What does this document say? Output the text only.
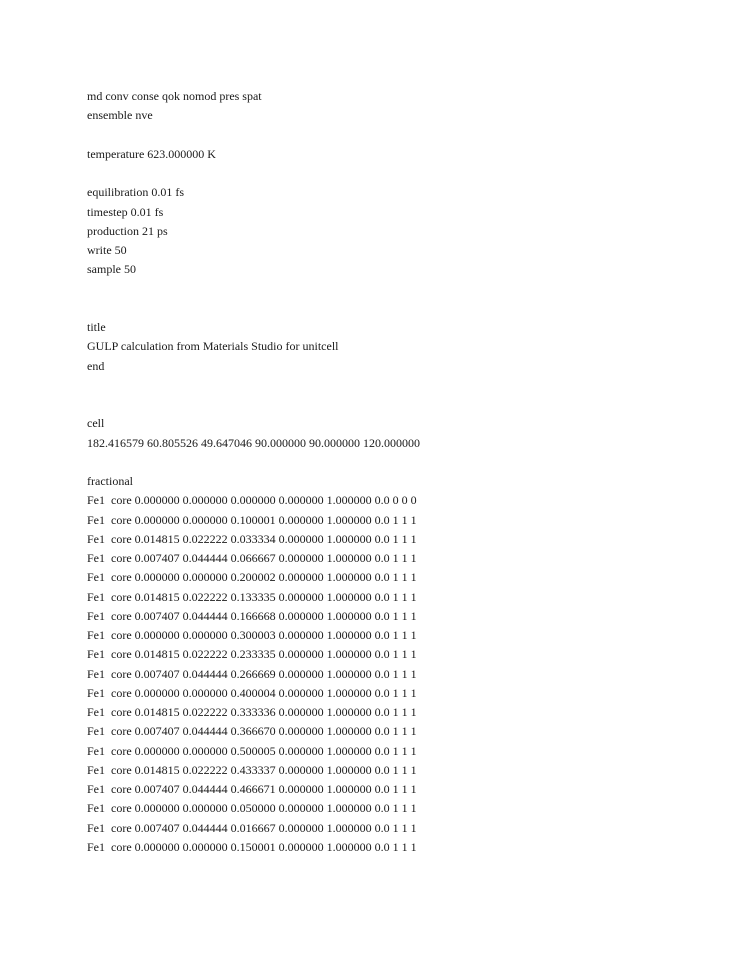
md conv conse qok nomod pres spat
ensemble nve
temperature 623.000000 K
equilibration 0.01 fs
timestep 0.01 fs
production 21 ps
write 50
sample 50
title
GULP calculation from Materials Studio for unitcell
end
cell
182.416579 60.805526 49.647046 90.000000 90.000000 120.000000
fractional
Fe1  core 0.000000 0.000000 0.000000 0.000000 1.000000 0.0 0 0 0
Fe1  core 0.000000 0.000000 0.100001 0.000000 1.000000 0.0 1 1 1
Fe1  core 0.014815 0.022222 0.033334 0.000000 1.000000 0.0 1 1 1
Fe1  core 0.007407 0.044444 0.066667 0.000000 1.000000 0.0 1 1 1
Fe1  core 0.000000 0.000000 0.200002 0.000000 1.000000 0.0 1 1 1
Fe1  core 0.014815 0.022222 0.133335 0.000000 1.000000 0.0 1 1 1
Fe1  core 0.007407 0.044444 0.166668 0.000000 1.000000 0.0 1 1 1
Fe1  core 0.000000 0.000000 0.300003 0.000000 1.000000 0.0 1 1 1
Fe1  core 0.014815 0.022222 0.233335 0.000000 1.000000 0.0 1 1 1
Fe1  core 0.007407 0.044444 0.266669 0.000000 1.000000 0.0 1 1 1
Fe1  core 0.000000 0.000000 0.400004 0.000000 1.000000 0.0 1 1 1
Fe1  core 0.014815 0.022222 0.333336 0.000000 1.000000 0.0 1 1 1
Fe1  core 0.007407 0.044444 0.366670 0.000000 1.000000 0.0 1 1 1
Fe1  core 0.000000 0.000000 0.500005 0.000000 1.000000 0.0 1 1 1
Fe1  core 0.014815 0.022222 0.433337 0.000000 1.000000 0.0 1 1 1
Fe1  core 0.007407 0.044444 0.466671 0.000000 1.000000 0.0 1 1 1
Fe1  core 0.000000 0.000000 0.050000 0.000000 1.000000 0.0 1 1 1
Fe1  core 0.007407 0.044444 0.016667 0.000000 1.000000 0.0 1 1 1
Fe1  core 0.000000 0.000000 0.150001 0.000000 1.000000 0.0 1 1 1
